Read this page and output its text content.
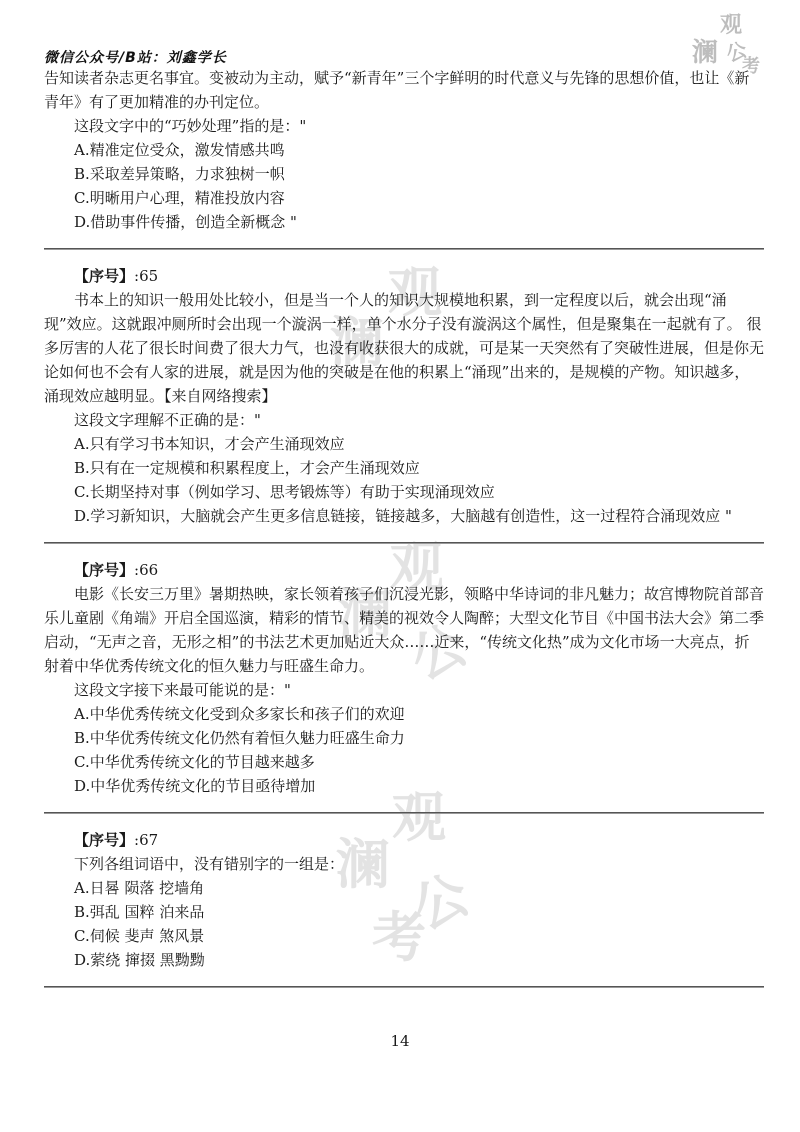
观
澜 公
考
观
澜
观
澜 公
观
澜 公
考
微信公众号/B站：刘鑫学长

告知读者杂志更名事宜。变被动为主动，赋予“新青年”三个字鲜明的时代意义与先锋的思想价值，也让《新青年》有了更加精准的办刊定位。

这段文字中的“巧妙处理”指的是："

A.精准定位受众，激发情感共鸣

B.采取差异策略，力求独树一帜

C.明晰用户心理，精准投放内容

D.借助事件传播，创造全新概念 "

【序号】:65

书本上的知识一般用处比较小，但是当一个人的知识大规模地积累，到一定程度以后，就会出现“涌现”效应。这就跟冲厕所时会出现一个漩涡一样，单个水分子没有漩涡这个属性，但是聚集在一起就有了。 很多厉害的人花了很长时间费了很大力气，也没有收获很大的成就，可是某一天突然有了突破性进展，但是你无论如何也不会有人家的进展，就是因为他的突破是在他的积累上“涌现”出来的，是规模的产物。知识越多，涌现效应越明显。【来自网络搜索】

这段文字理解不正确的是："

A.只有学习书本知识，才会产生涌现效应

B.只有在一定规模和积累程度上，才会产生涌现效应

C.长期坚持对事（例如学习、思考锻炼等）有助于实现涌现效应

D.学习新知识，大脑就会产生更多信息链接，链接越多，大脑越有创造性，这一过程符合涌现效应 "

【序号】:66

电影《长安三万里》暑期热映，家长领着孩子们沉浸光影，领略中华诗词的非凡魅力；故宫博物院首部音乐儿童剧《角端》开启全国巡演，精彩的情节、精美的视效令人陶醉；大型文化节目《中国书法大会》第二季启动，“无声之音，无形之相”的书法艺术更加贴近大众……近来，“传统文化热”成为文化市场一大亮点，折射着中华优秀传统文化的恒久魅力与旺盛生命力。

这段文字接下来最可能说的是："

A.中华优秀传统文化受到众多家长和孩子们的欢迎

B.中华优秀传统文化仍然有着恒久魅力旺盛生命力

C.中华优秀传统文化的节目越来越多

D.中华优秀传统文化的节目亟待增加

【序号】:67

下列各组词语中，没有错别字的一组是：

A.日晷 陨落 挖墙角

B.弭乱 国粹 泊来品

C.伺候 斐声 煞风景

D.萦绕 撺掇 黑黝黝

14
